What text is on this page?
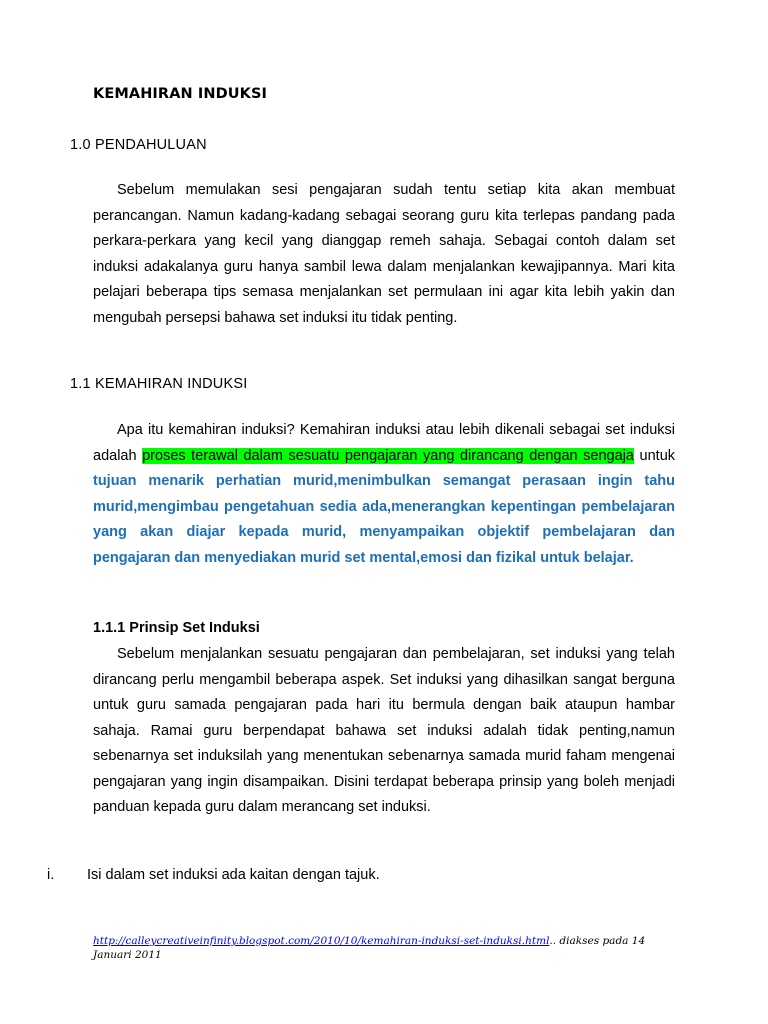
KEMAHIRAN INDUKSI
1.0 PENDAHULUAN

Sebelum memulakan sesi pengajaran sudah tentu setiap kita akan membuat perancangan. Namun kadang-kadang sebagai seorang guru kita terlepas pandang pada perkara-perkara yang kecil yang dianggap remeh sahaja. Sebagai contoh dalam set induksi adakalanya guru hanya sambil lewa dalam menjalankan kewajipannya. Mari kita pelajari beberapa tips semasa menjalankan set permulaan ini agar kita lebih yakin dan mengubah persepsi bahawa set induksi itu tidak penting.

1.1 KEMAHIRAN INDUKSI

Apa itu kemahiran induksi? Kemahiran induksi atau lebih dikenali sebagai set induksi adalah proses terawal dalam sesuatu pengajaran yang dirancang dengan sengaja untuk tujuan menarik perhatian murid,menimbulkan semangat perasaan ingin tahu murid,mengimbau pengetahuan sedia ada,menerangkan kepentingan pembelajaran yang akan diajar kepada murid, menyampaikan objektif pembelajaran dan pengajaran dan menyediakan murid set mental,emosi dan fizikal untuk belajar.

1.1.1 Prinsip Set Induksi

Sebelum menjalankan sesuatu pengajaran dan pembelajaran, set induksi yang telah dirancang perlu mengambil beberapa aspek. Set induksi yang dihasilkan sangat berguna untuk guru samada pengajaran pada hari itu bermula dengan baik ataupun hambar sahaja. Ramai guru berpendapat bahawa set induksi adalah tidak penting,namun sebenarnya set induksilah yang menentukan sebenarnya samada murid faham mengenai pengajaran yang ingin disampaikan. Disini terdapat beberapa prinsip yang boleh menjadi panduan kepada guru dalam merancang set induksi.

i. Isi dalam set induksi ada kaitan dengan tajuk.
http://calleycreativeinfinity.blogspot.com/2010/10/kemahiran-induksi-set-induksi.html.. diakses pada 14 Januari 2011
